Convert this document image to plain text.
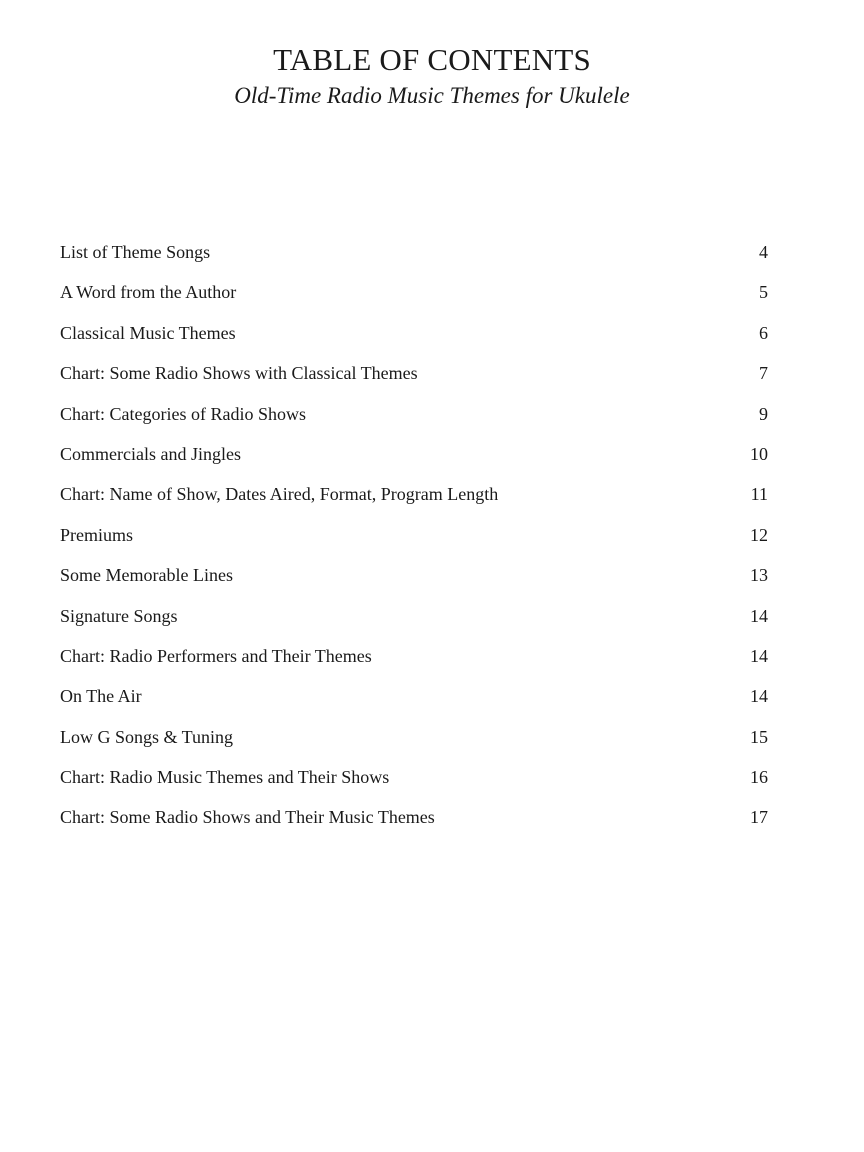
TABLE OF CONTENTS
Old-Time Radio Music Themes for Ukulele
List of Theme Songs	4
A Word from the Author	5
Classical Music Themes	6
Chart: Some Radio Shows with Classical Themes	7
Chart: Categories of Radio Shows	9
Commercials and Jingles	10
Chart: Name of Show, Dates Aired, Format, Program Length	11
Premiums	12
Some Memorable Lines	13
Signature Songs	14
Chart: Radio Performers and Their Themes	14
On The Air	14
Low G Songs & Tuning	15
Chart: Radio Music Themes and Their Shows	16
Chart: Some Radio Shows and Their Music Themes	17
